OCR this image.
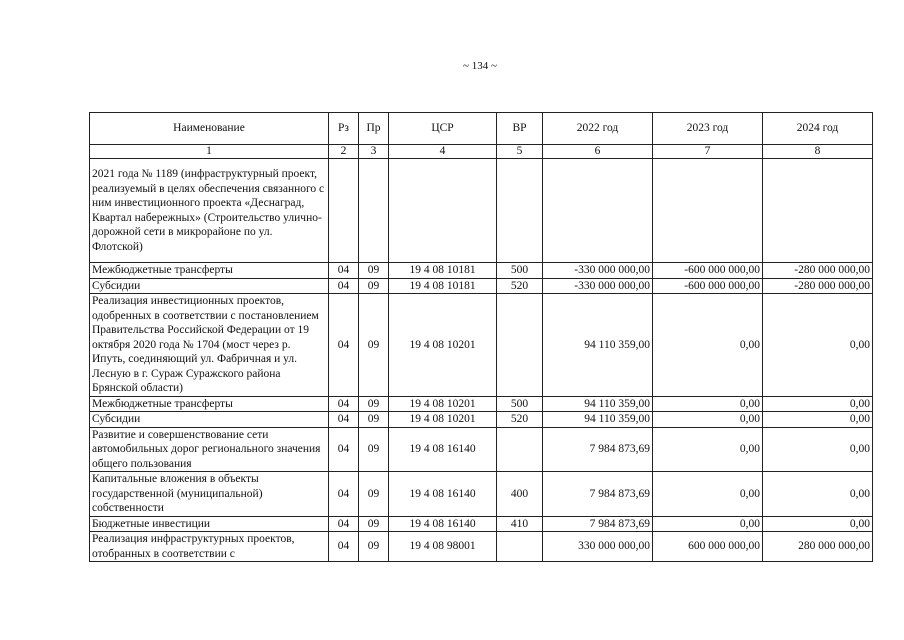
~ 134 ~
Наименование	Рз	Пр	ЦСР	ВР	2022 год	2023 год	2024 год
1	2	3	4	5	6	7	8
2021 года № 1189 (инфраструктурный проект, реализуемый в целях обеспечения связанного с ним инвестиционного проекта «Деснаград, Квартал набережных» (Строительство улично-дорожной сети в микрорайоне по ул. Флотской)							
Межбюджетные трансферты	04	09	19 4 08 10181	500	-330 000 000,00	-600 000 000,00	-280 000 000,00
Субсидии	04	09	19 4 08 10181	520	-330 000 000,00	-600 000 000,00	-280 000 000,00
Реализация инвестиционных проектов, одобренных в соответствии с постановлением Правительства Российской Федерации от 19 октября 2020 года № 1704 (мост через р. Ипуть, соединяющий ул. Фабричная и ул. Лесную в г. Сураж Суражского района Брянской области)	04	09	19 4 08 10201		94 110 359,00	0,00	0,00
Межбюджетные трансферты	04	09	19 4 08 10201	500	94 110 359,00	0,00	0,00
Субсидии	04	09	19 4 08 10201	520	94 110 359,00	0,00	0,00
Развитие и совершенствование сети автомобильных дорог регионального значения общего пользования	04	09	19 4 08 16140		7 984 873,69	0,00	0,00
Капитальные вложения в объекты государственной (муниципальной) собственности	04	09	19 4 08 16140	400	7 984 873,69	0,00	0,00
Бюджетные инвестиции	04	09	19 4 08 16140	410	7 984 873,69	0,00	0,00
Реализация инфраструктурных проектов, отобранных в соответствии с	04	09	19 4 08 98001		330 000 000,00	600 000 000,00	280 000 000,00
